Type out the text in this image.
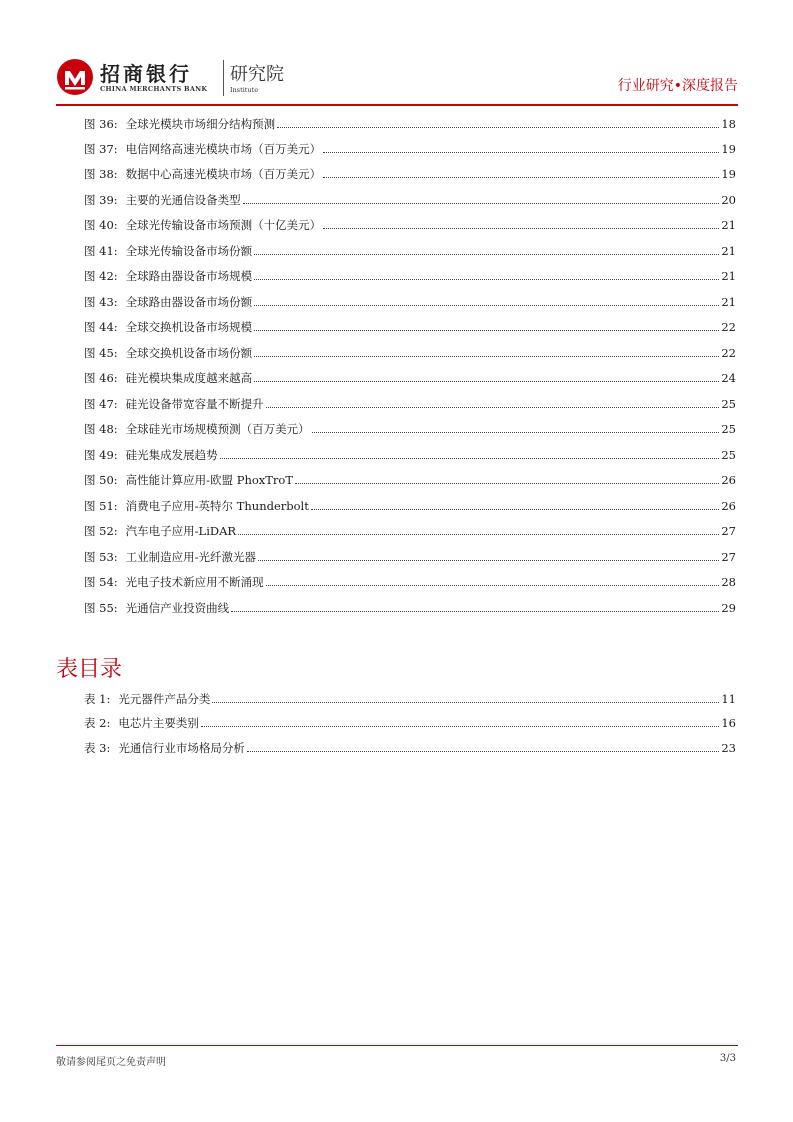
招商银行
CHINA MERCHANTS BANK
研究院
Institute	行业研究•深度报告
图 36: 全球光模块市场细分结构预测	18
图 37: 电信网络高速光模块市场（百万美元）	19
图 38: 数据中心高速光模块市场（百万美元）	19
图 39: 主要的光通信设备类型	20
图 40: 全球光传输设备市场预测（十亿美元）	21
图 41: 全球光传输设备市场份额	21
图 42: 全球路由器设备市场规模	21
图 43: 全球路由器设备市场份额	21
图 44: 全球交换机设备市场规模	22
图 45: 全球交换机设备市场份额	22
图 46: 硅光模块集成度越来越高	24
图 47: 硅光设备带宽容量不断提升	25
图 48: 全球硅光市场规模预测（百万美元）	25
图 49: 硅光集成发展趋势	25
图 50: 高性能计算应用-欧盟 PhoxTroT	26
图 51: 消费电子应用-英特尔 Thunderbolt	26
图 52: 汽车电子应用-LiDAR	27
图 53: 工业制造应用-光纤激光器	27
图 54: 光电子技术新应用不断涌现	28
图 55: 光通信产业投资曲线	29
表目录
表 1: 光元器件产品分类	11
表 2: 电芯片主要类别	16
表 3: 光通信行业市场格局分析	23
敬请参阅尾页之免责声明	3/3
